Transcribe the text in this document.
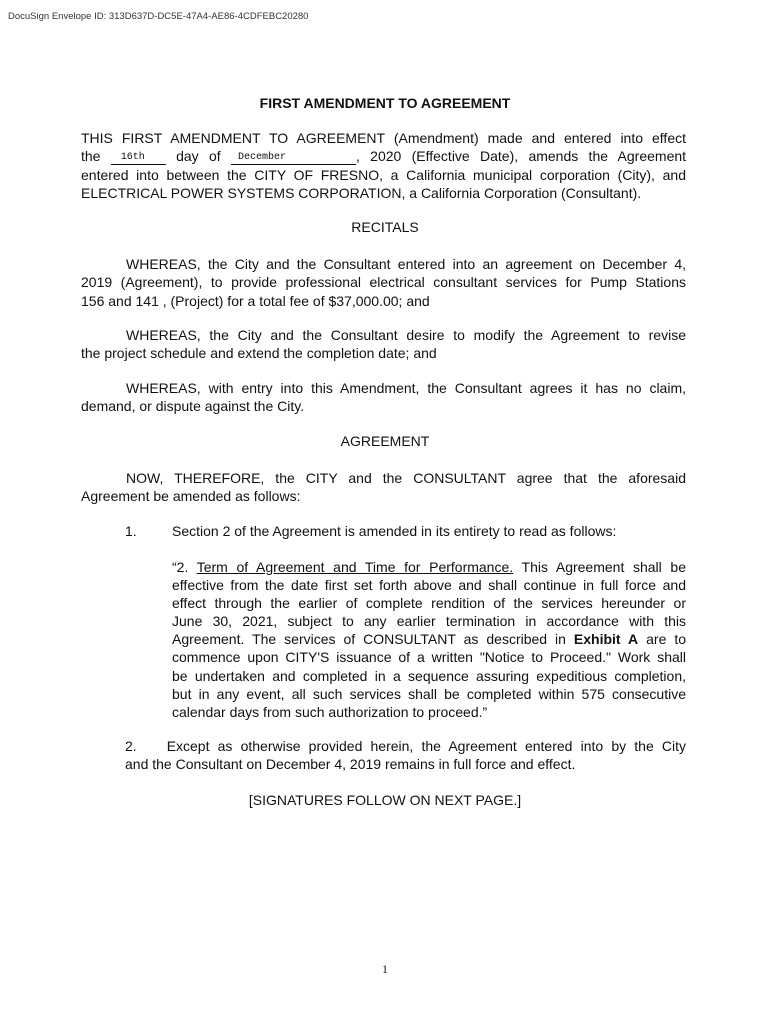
DocuSign Envelope ID: 313D637D-DC5E-47A4-AE86-4CDFEBC20280
FIRST AMENDMENT TO AGREEMENT
THIS FIRST AMENDMENT TO AGREEMENT (Amendment) made and entered into effect
the 16th day of December	, 2020 (Effective Date), amends the Agreement
entered into between the CITY OF FRESNO, a California municipal corporation (City), and
ELECTRICAL POWER SYSTEMS CORPORATION, a California Corporation (Consultant).
RECITALS
WHEREAS, the City and the Consultant entered into an agreement on December 4,
2019 (Agreement), to provide professional electrical consultant services for Pump Stations
156 and 141 , (Project) for a total fee of $37,000.00; and
WHEREAS, the City and the Consultant desire to modify the Agreement to revise
the project schedule and extend the completion date; and
WHEREAS, with entry into this Amendment, the Consultant agrees it has no claim,
demand, or dispute against the City.
AGREEMENT
NOW, THEREFORE, the CITY and the CONSULTANT agree that the aforesaid
Agreement be amended as follows:
1.	Section 2 of the Agreement is amended in its entirety to read as follows:
“2. Term of Agreement and Time for Performance. This Agreement shall be
effective from the date first set forth above and shall continue in full force and
effect through the earlier of complete rendition of the services hereunder or
June 30, 2021, subject to any earlier termination in accordance with this
Agreement. The services of CONSULTANT as described in Exhibit A are to
commence upon CITY'S issuance of a written "Notice to Proceed." Work shall
be undertaken and completed in a sequence assuring expeditious completion,
but in any event, all such services shall be completed within 575 consecutive
calendar days from such authorization to proceed.”
2. Except as otherwise provided herein, the Agreement entered into by the City
and the Consultant on December 4, 2019 remains in full force and effect.
[SIGNATURES FOLLOW ON NEXT PAGE.]
1
